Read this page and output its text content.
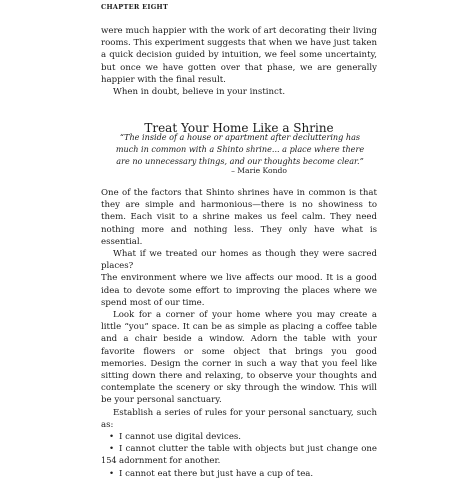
CHAPTER EIGHT

were much happier with the work of art decorating their living rooms. This experiment suggests that when we have just taken a quick decision guided by intuition, we feel some uncertainty, but once we have gotten over that phase, we are generally happier with the final result.

When in doubt, believe in your instinct.

Treat Your Home Like a Shrine
“The inside of a house or apartment after decluttering has much in common with a Shinto shrine... a place where there are no unnecessary things, and our thoughts become clear.”
– Marie Kondo

One of the factors that Shinto shrines have in common is that they are simple and harmonious—there is no showiness to them. Each visit to a shrine makes us feel calm. They need nothing more and nothing less. They only have what is essential.

What if we treated our homes as though they were sacred places?

The environment where we live affects our mood. It is a good idea to devote some effort to improving the places where we spend most of our time.

Look for a corner of your home where you may create a little “you” space. It can be as simple as placing a coffee table and a chair beside a window. Adorn the table with your favorite flowers or some object that brings you good memories. Design the corner in such a way that you feel like sitting down there and relaxing, to observe your thoughts and contemplate the scenery or sky through the window. This will be your personal sanctuary.

Establish a series of rules for your personal sanctuary, such as:

• I cannot use digital devices.
• I cannot clutter the table with objects but just change one adornment for another.
• I cannot eat there but just have a cup of tea.
154
